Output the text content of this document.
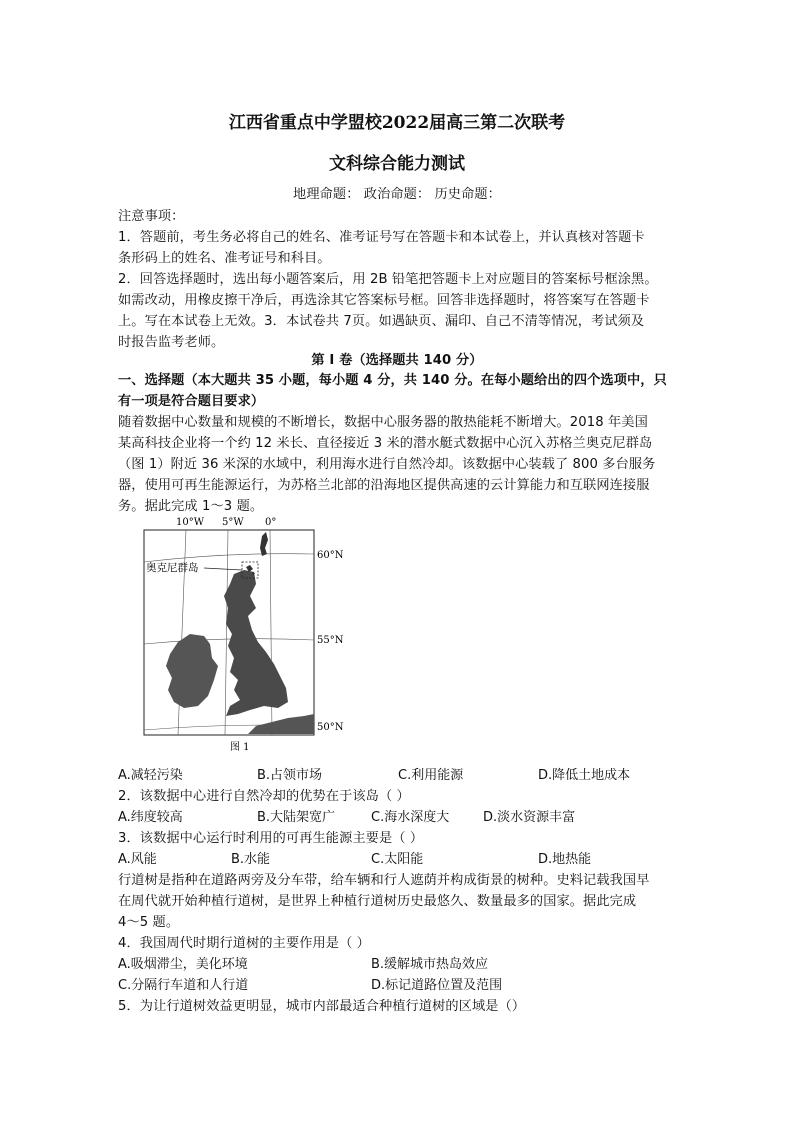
江西省重点中学盟校2022届高三第二次联考
文科综合能力测试
地理命题： 政治命题： 历史命题：
注意事项：
1．答题前，考生务必将自己的姓名、准考证号写在答题卡和本试卷上，并认真核对答题卡
条形码上的姓名、准考证号和科目。
2．回答选择题时，选出每小题答案后，用 2B 铅笔把答题卡上对应题目的答案标号框涂黑。
如需改动，用橡皮擦干净后，再选涂其它答案标号框。回答非选择题时，将答案写在答题卡
上。写在本试卷上无效。3．本试卷共 7页。如遇缺页、漏印、自己不清等情况，考试须及
时报告监考老师。
第 I 卷（选择题共 140 分）
一、选择题（本大题共 35 小题，每小题 4 分，共 140 分。在每小题给出的四个选项中，只
有一项是符合题目要求）
随着数据中心数量和规模的不断增长，数据中心服务器的散热能耗不断增大。2018 年美国
某高科技企业将一个约 12 米长、直径接近 3 米的潜水艇式数据中心沉入苏格兰奥克尼群岛
（图 1）附近 36 米深的水域中，利用海水进行自然冷却。该数据中心装载了 800 多台服务
器，使用可再生能源运行，为苏格兰北部的沿海地区提供高速的云计算能力和互联网连接服
务。据此完成 1～3 题。
10°W 5°W 0°
奥克尼群岛
60°N
55°N
50°N
图 1
A.减轻污染	B.占领市场	C.利用能源	D.降低土地成本
2．该数据中心进行自然冷却的优势在于该岛（ ）
A.纬度较高	B.大陆架宽广	C.海水深度大	D.淡水资源丰富
3．该数据中心运行时利用的可再生能源主要是（ ）
A.风能	B.水能	C.太阳能	D.地热能
行道树是指种在道路两旁及分车带，给车辆和行人遮荫并构成街景的树种。史料记载我国早
在周代就开始种植行道树，是世界上种植行道树历史最悠久、数量最多的国家。据此完成
4～5 题。
4．我国周代时期行道树的主要作用是（ ）
A.吸烟滞尘，美化环境	B.缓解城市热岛效应
C.分隔行车道和人行道	D.标记道路位置及范围
5．为让行道树效益更明显，城市内部最适合种植行道树的区域是（）
